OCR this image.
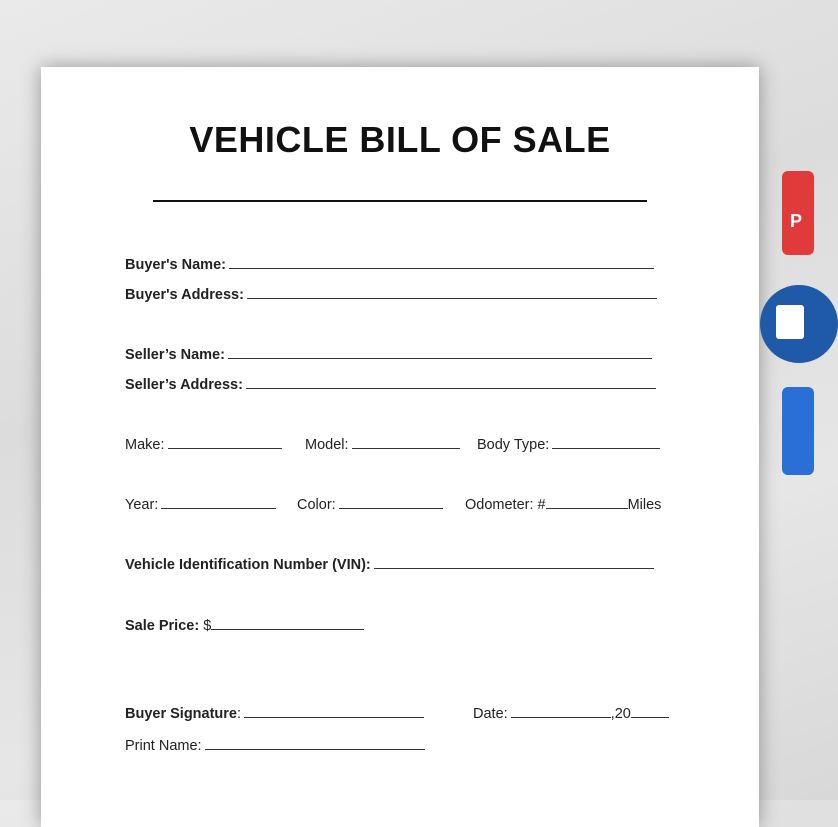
VEHICLE BILL OF SALE
Buyer's Name:
Buyer's Address:
Seller’s Name:
Seller’s Address:
Make:	Model:	Body Type:
Year:	Color:	Odometer: #	Miles
Vehicle Identification Number (VIN):
Sale Price: $
Buyer Signature:	Date:	,20
Print Name:
P
